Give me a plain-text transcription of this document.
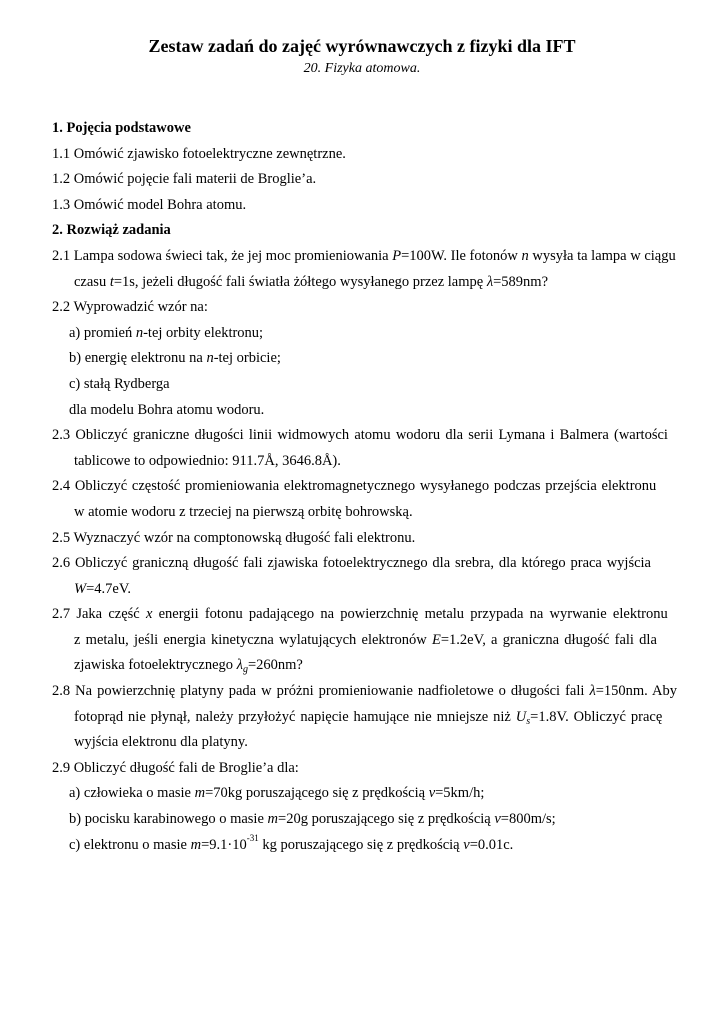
Zestaw zadań do zajęć wyrównawczych z fizyki dla IFT
20. Fizyka atomowa.
1. Pojęcia podstawowe
1.1 Omówić zjawisko fotoelektryczne zewnętrzne.
1.2 Omówić pojęcie fali materii de Broglie’a.
1.3 Omówić model Bohra atomu.
2. Rozwiąż zadania
2.1 Lampa sodowa świeci tak, że jej moc promieniowania P=100W. Ile fotonów n wysyła ta lampa w ciągu
czasu t=1s, jeżeli długość fali światła żółtego wysyłanego przez lampę λ=589nm?
2.2 Wyprowadzić wzór na:
a) promień n-tej orbity elektronu;
b) energię elektronu na n-tej orbicie;
c) stałą Rydberga
dla modelu Bohra atomu wodoru.
2.3 Obliczyć graniczne długości linii widmowych atomu wodoru dla serii Lymana i Balmera (wartości
tablicowe to odpowiednio: 911.7Å, 3646.8Å).
2.4 Obliczyć częstość promieniowania elektromagnetycznego wysyłanego podczas przejścia elektronu
w atomie wodoru z trzeciej na pierwszą orbitę bohrowską.
2.5 Wyznaczyć wzór na comptonowską długość fali elektronu.
2.6 Obliczyć graniczną długość fali zjawiska fotoelektrycznego dla srebra, dla którego praca wyjścia
W=4.7eV.
2.7 Jaka część x energii fotonu padającego na powierzchnię metalu przypada na wyrwanie elektronu
z metalu, jeśli energia kinetyczna wylatujących elektronów E=1.2eV, a graniczna długość fali dla
zjawiska fotoelektrycznego $\lambda_g=260nm$?
2.8 Na powierzchnię platyny pada w próżni promieniowanie nadfioletowe o długości fali λ=150nm. Aby
fotoprąd nie płynął, należy przyłożyć napięcie hamujące nie mniejsze niż $U_s=1.8V$. Obliczyć pracę
wyjścia elektronu dla platyny.
2.9 Obliczyć długość fali de Broglie’a dla:
a) człowieka o masie m=70kg poruszającego się z prędkością v=5km/h;
b) pocisku karabinowego o masie m=20g poruszającego się z prędkością v=800m/s;
c) elektronu o masie $m=9.1\cdot 10^{-31}$ kg poruszającego się z prędkością v=0.01c.
